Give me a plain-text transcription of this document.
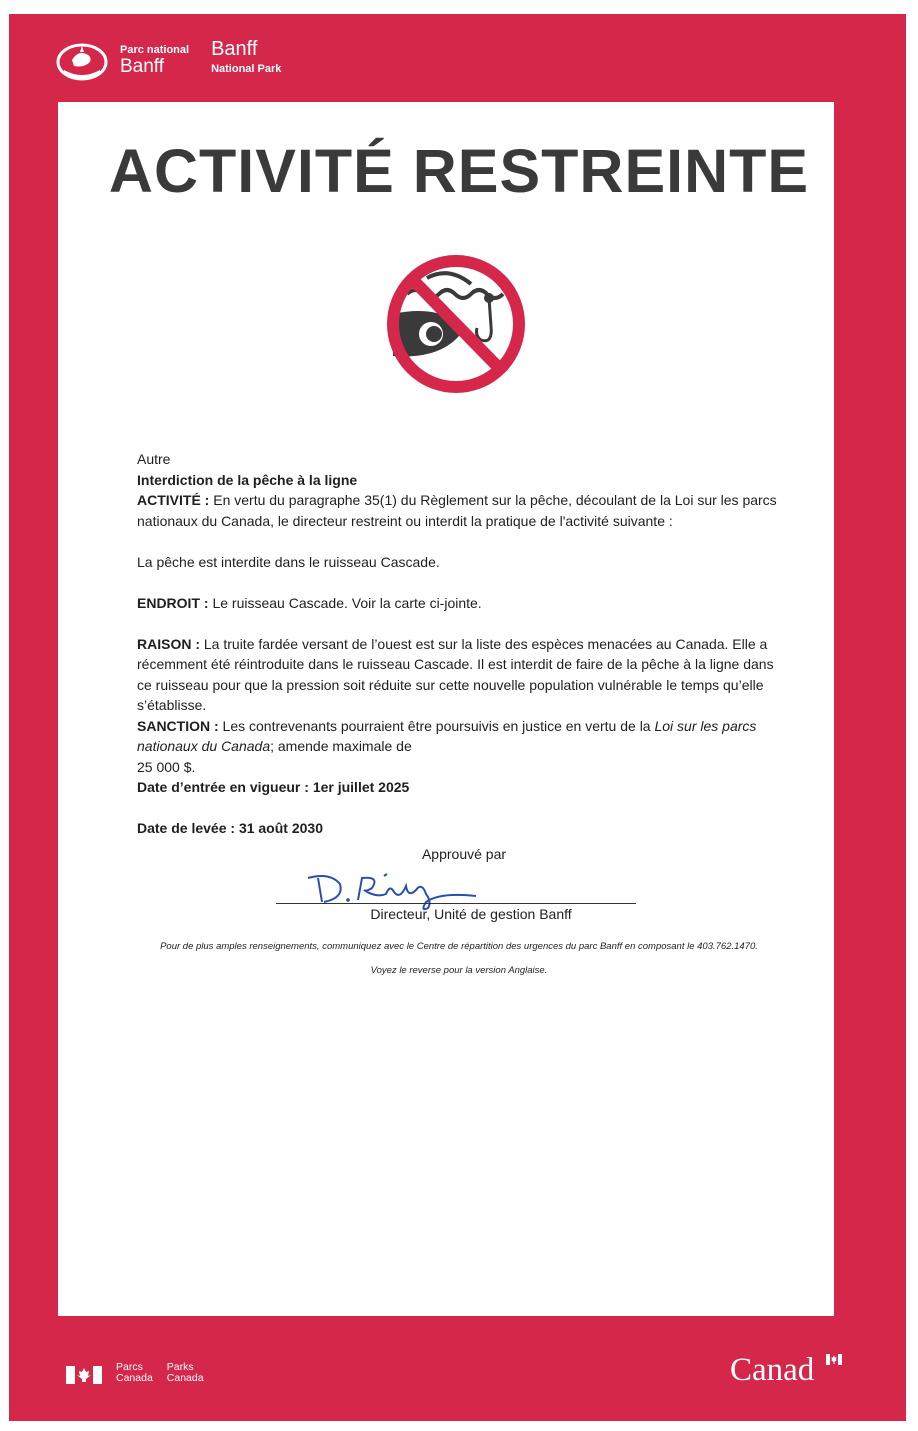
Parc national
Banff
Banff
National Park
ACTIVITÉ RESTREINTE

Autre

Interdiction de la pêche à la ligne

ACTIVITÉ : En vertu du paragraphe 35(1) du Règlement sur la pêche, découlant de la Loi sur les parcs nationaux du Canada, le directeur restreint ou interdit la pratique de l'activité suivante :

La pêche est interdite dans le ruisseau Cascade.

ENDROIT : Le ruisseau Cascade. Voir la carte ci-jointe.

RAISON : La truite fardée versant de l’ouest est sur la liste des espèces menacées au Canada. Elle a récemment été réintroduite dans le ruisseau Cascade. Il est interdit de faire de la pêche à la ligne dans ce ruisseau pour que la pression soit réduite sur cette nouvelle population vulnérable le temps qu’elle s’établisse.

SANCTION : Les contrevenants pourraient être poursuivis en justice en vertu de la Loi sur les parcs nationaux du Canada; amende maximale de

25 000 $.

Date d’entrée en vigueur : 1er juillet 2025

Date de levée : 31 août 2030

Approuvé par
Directeur, Unité de gestion Banff
Pour de plus amples renseignements, communiquez avec le Centre de répartition des urgences du parc Banff en composant le 403.762.1470.
Voyez le reverse pour la version Anglaise.
Parcs
Canada
Parks
Canada	Canad
